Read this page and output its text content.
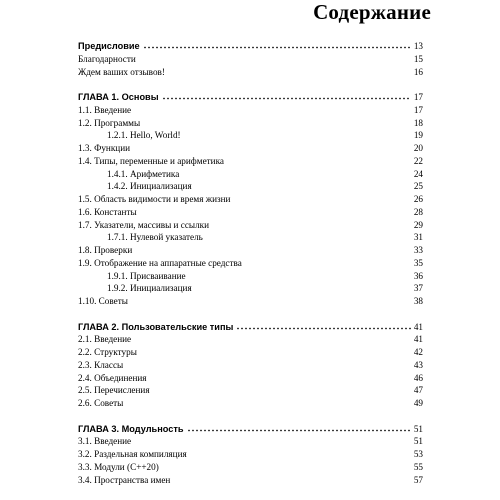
Содержание
Предисловие	13
Благодарности	15
Ждем ваших отзывов!	16
ГЛАВА 1. Основы	17
1.1. Введение	17
1.2. Программы	18
1.2.1. Hello, World!	19
1.3. Функции	20
1.4. Типы, переменные и арифметика	22
1.4.1. Арифметика	24
1.4.2. Инициализация	25
1.5. Область видимости и время жизни	26
1.6. Константы	28
1.7. Указатели, массивы и ссылки	29
1.7.1. Нулевой указатель	31
1.8. Проверки	33
1.9. Отображение на аппаратные средства	35
1.9.1. Присваивание	36
1.9.2. Инициализация	37
1.10. Советы	38
ГЛАВА 2. Пользовательские типы	41
2.1. Введение	41
2.2. Структуры	42
2.3. Классы	43
2.4. Объединения	46
2.5. Перечисления	47
2.6. Советы	49
ГЛАВА 3. Модульность	51
3.1. Введение	51
3.2. Раздельная компиляция	53
3.3. Модули (C++20)	55
3.4. Пространства имен	57
